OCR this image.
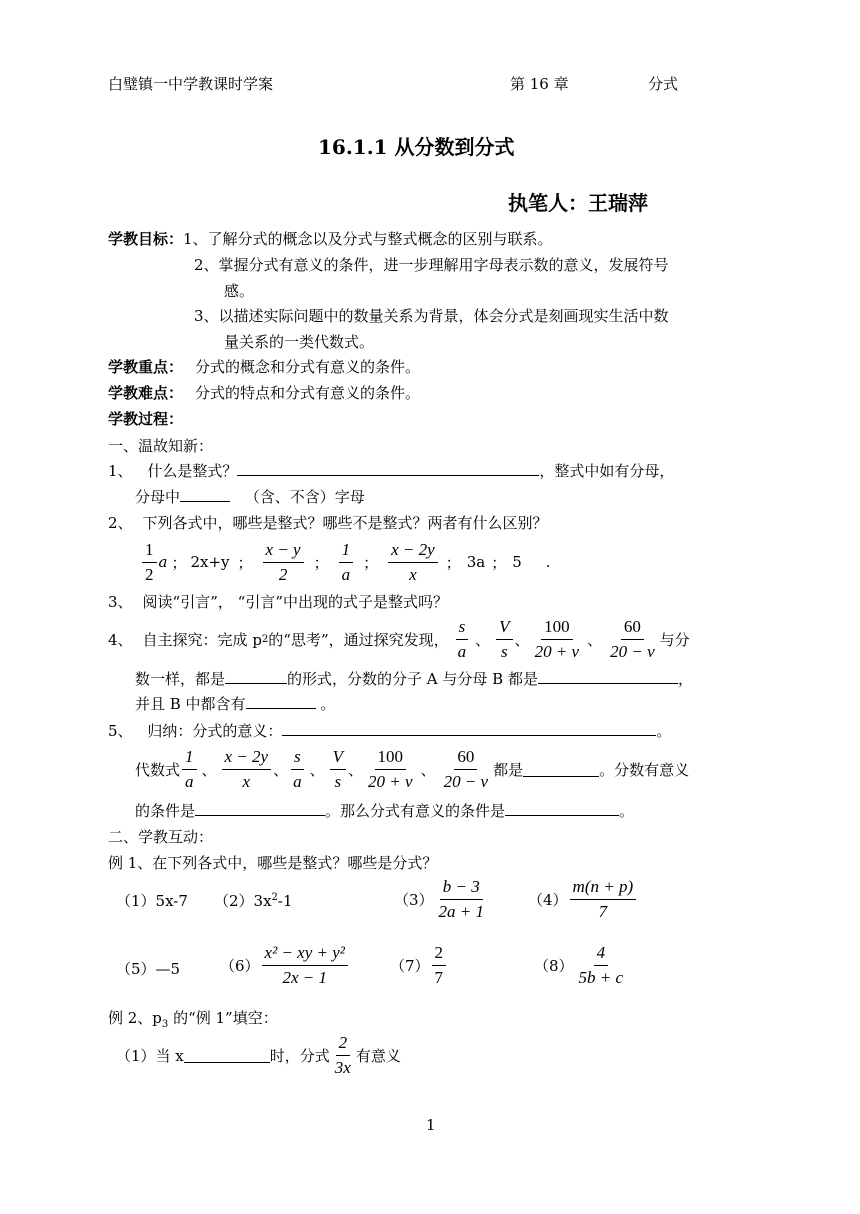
白璧镇一中学教课时学案	第 16 章	分式
16.1.1 从分数到分式
执笔人：王瑞萍
学教目标：1、了解分式的概念以及分式与整式概念的区别与联系。
2、掌握分式有意义的条件，进一步理解用字母表示数的意义，发展符号
感。
3、以描述实际问题中的数量关系为背景，体会分式是刻画现实生活中数
量关系的一类代数式。
学教重点： 分式的概念和分式有意义的条件。
学教难点： 分式的特点和分式有意义的条件。
学教过程：
一、温故知新：
1、 什么是整式？	，整式中如有分母，
分母中	（含、不含）字母
2、 下列各式中，哪些是整式？哪些不是整式？两者有什么区别？
$\frac{1}{2}$ a ； 2x+y ； $\frac{x - y}{2}$ ； $\frac{1}{a}$ ； $\frac{x - 2y}{x}$ ； 3a ； 5 .
3、 阅读“引言”， “引言”中出现的式子是整式吗？
4、 自主探究：完成 p 2 的“思考”，通过探究发现， $\frac{s}{a}$ 、 $\frac{V}{s}$ 、 $\frac{100}{20 + v}$ 、 $\frac{60}{20 - v}$ 与分
数一样，都是	的形式，分数的分子 A 与分母 B 都是	，
并且 B 中都含有	。
5、 归纳：分式的意义：	。
代数式 $\frac{1}{a}$ 、 $\frac{x - 2y}{x}$ 、 $\frac{s}{a}$ 、 $\frac{V}{s}$ 、 $\frac{100}{20 + v}$ 、 $\frac{60}{20 - v}$ 都是	。分数有意义
的条件是	。那么分式有意义的条件是	。
二、学教互动：
例 1、在下列各式中，哪些是整式？哪些是分式？
（1）5x-7 $(2)3x^2-1$	$(3) \frac{b - 3}{2a + 1}$	$(4) \frac{m(n + p)}{7}$
（5）—5	$(6) \frac{\text{x² − xy + y²}}{2x - 1}$	$(7) \frac{2}{7}$	$(8) \frac{4}{5b + c}$
例 2、$p_3$ 的“例 1”填空：
（1）当 x	时，分式 $\frac{2}{3x}$ 有意义
1
